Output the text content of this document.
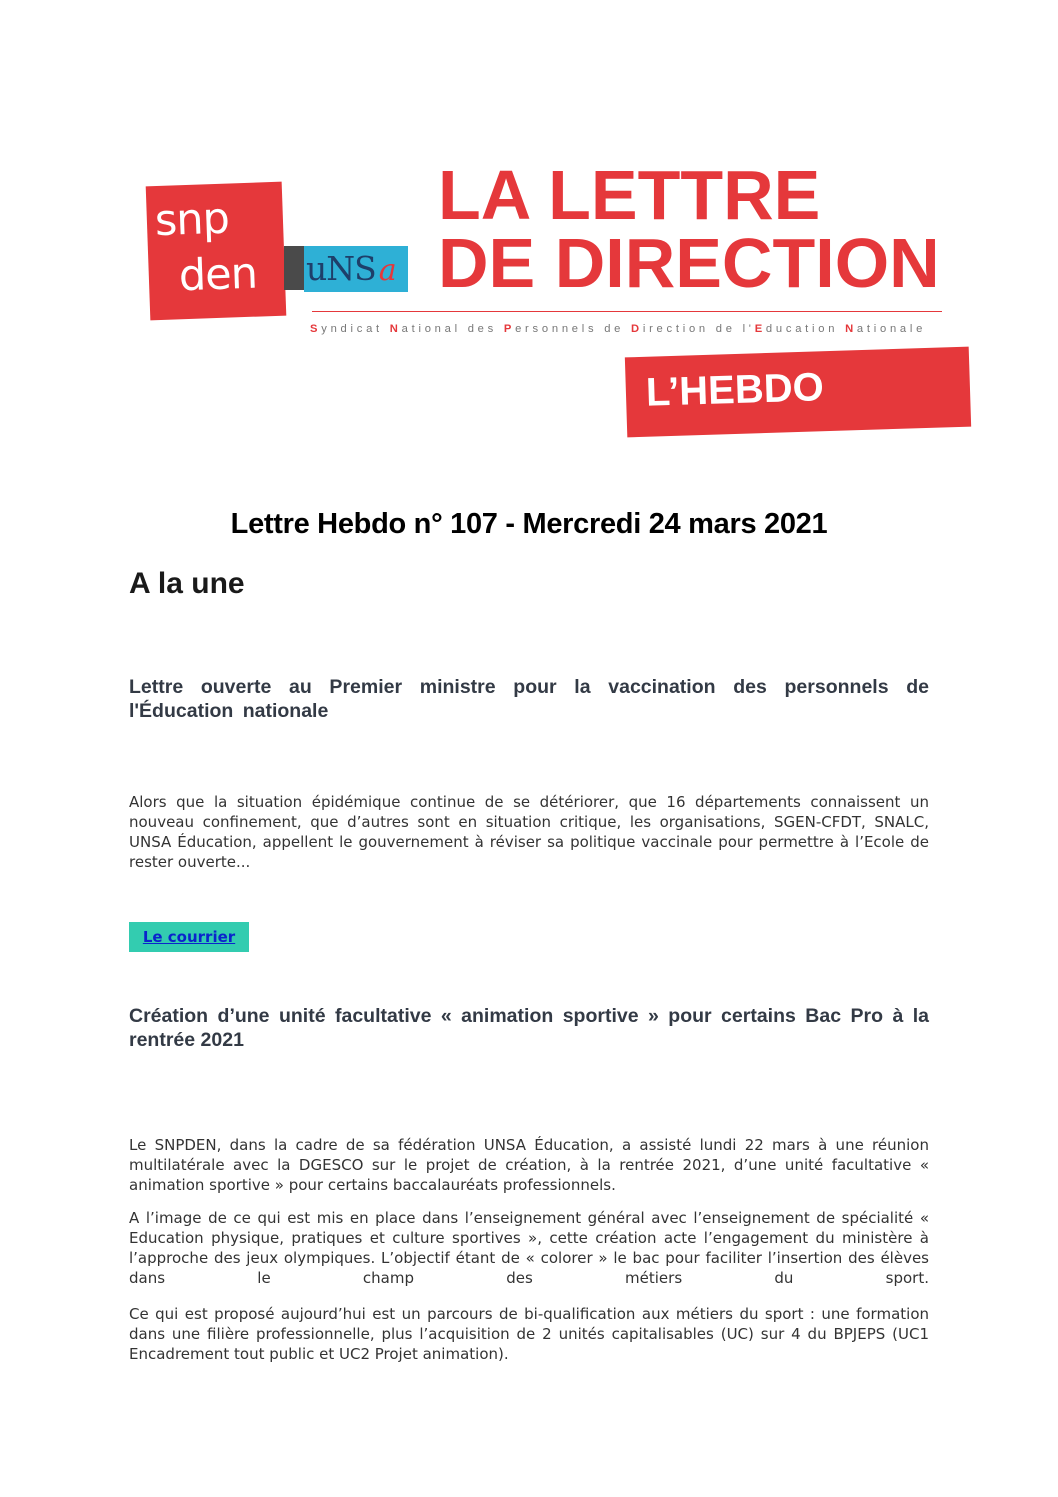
snp
den uNS a
LA LETTRE
DE DIRECTION
Syndicat National des Personnels de Direction de l'Education Nationale
L’HEBDO
Lettre Hebdo n° 107 - Mercredi 24 mars 2021
A la une
Lettre ouverte au Premier ministre pour la vaccination des personnels de l'Éducation nationale

Alors que la situation épidémique continue de se détériorer, que 16 départements connaissent un nouveau confinement, que d’autres sont en situation critique, les organisations, SGEN-CFDT, SNALC, UNSA Éducation, appellent le gouvernement à réviser sa politique vaccinale pour permettre à l’Ecole de rester ouverte...

Le courrier
Création d’une unité facultative « animation sportive » pour certains Bac Pro à la rentrée 2021

Le SNPDEN, dans la cadre de sa fédération UNSA Éducation, a assisté lundi 22 mars à une réunion multilatérale avec la DGESCO sur le projet de création, à la rentrée 2021, d’une unité facultative « animation sportive » pour certains baccalauréats professionnels.

A l’image de ce qui est mis en place dans l’enseignement général avec l’enseignement de spécialité « Education physique, pratiques et culture sportives », cette création acte l’engagement du ministère à l’approche des jeux olympiques. L’objectif étant de « colorer » le bac pour faciliter l’insertion des élèves dans le champ des métiers du sport.

Ce qui est proposé aujourd’hui est un parcours de bi-qualification aux métiers du sport : une formation dans une filière professionnelle, plus l’acquisition de 2 unités capitalisables (UC) sur 4 du BPJEPS (UC1 Encadrement tout public et UC2 Projet animation).
